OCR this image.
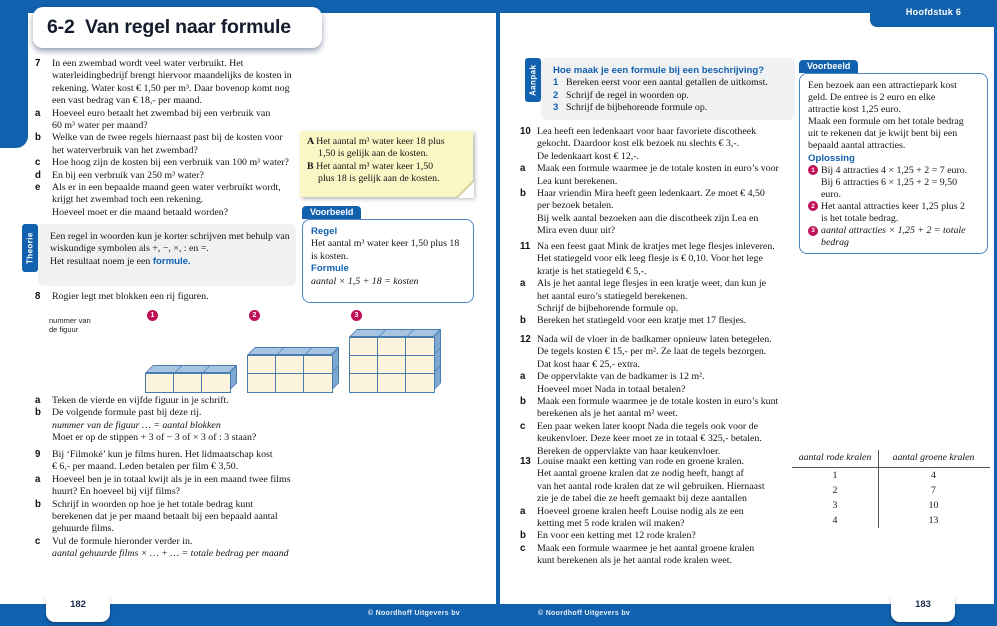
Hoofdstuk 6
6-2  Van regel naar formule
7	In een zwembad wordt veel water verbruikt. Het
waterleidingbedrijf brengt hiervoor maandelijks de kosten in
rekening. Water kost € 1,50 per m³. Daar bovenop komt nog
een vast bedrag van € 18,- per maand.
a	Hoeveel euro betaalt het zwembad bij een verbruik van
60 m³ water per maand?
b	Welke van de twee regels hiernaast past bij de kosten voor
het waterverbruik van het zwembad?
c	Hoe hoog zijn de kosten bij een verbruik van 100 m³ water?
d	En bij een verbruik van 250 m³ water?
e	Als er in een bepaalde maand geen water verbruikt wordt,
krijgt het zwembad toch een rekening.
Hoeveel moet er die maand betaald worden?
A Het aantal m³ water keer 18 plus
1,50 is gelijk aan de kosten.
B Het aantal m³ water keer 1,50
plus 18 is gelijk aan de kosten.
Theorie	Een regel in woorden kun je korter schrijven met behulp van
wiskundige symbolen als +, −, ×, : en =.
Het resultaat noem je een formule.
Voorbeeld
Regel
Het aantal m³ water keer 1,50 plus 18
is kosten.
Formule
aantal × 1,5 + 18 = kosten
8	Rogier legt met blokken een rij figuren.
nummer van
de figuur
1	2	3
a	Teken de vierde en vijfde figuur in je schrift.
b	De volgende formule past bij deze rij.
nummer van de figuur … = aantal blokken
Moet er op de stippen + 3 of − 3 of × 3 of : 3 staan?
9	Bij ‘Filmoké’ kun je films huren. Het lidmaatschap kost
€ 6,- per maand. Leden betalen per film € 3,50.
a	Hoeveel ben je in totaal kwijt als je in een maand twee films
huurt? En hoeveel bij vijf films?
b	Schrijf in woorden op hoe je het totale bedrag kunt
berekenen dat je per maand betaalt bij een bepaald aantal
gehuurde films.
c	Vul de formule hieronder verder in.
aantal gehuurde films × … + … = totale bedrag per maand
Aanpak	Hoe maak je een formule bij een beschrijving?
1 Bereken eerst voor een aantal getallen de uitkomst.
2 Schrijf de regel in woorden op.
3 Schrijf de bijbehorende formule op.
Voorbeeld
Een bezoek aan een attractiepark kost
geld. De entree is 2 euro en elke
attractie kost 1,25 euro.
Maak een formule om het totale bedrag
uit te rekenen dat je kwijt bent bij een
bepaald aantal attracties.
Oplossing
1 Bij 4 attracties 4 × 1,25 + 2 = 7 euro.
Bij 6 attracties 6 × 1,25 + 2 = 9,50
euro.
2 Het aantal attracties keer 1,25 plus 2
is het totale bedrag.
3 aantal attracties × 1,25 + 2 = totale
bedrag
10 Lea heeft een ledenkaart voor haar favoriete discotheek
gekocht. Daardoor kost elk bezoek nu slechts € 3,-.
De ledenkaart kost € 12,-.
a	Maak een formule waarmee je de totale kosten in euro’s voor
Lea kunt berekenen.
b	Haar vriendin Mira heeft geen ledenkaart. Ze moet € 4,50
per bezoek betalen.
Bij welk aantal bezoeken aan die discotheek zijn Lea en
Mira even duur uit?
11 Na een feest gaat Mink de kratjes met lege flesjes inleveren.
Het statiegeld voor elk leeg flesje is € 0,10. Voor het lege
kratje is het statiegeld € 5,-.
a	Als je het aantal lege flesjes in een kratje weet, dan kun je
het aantal euro’s statiegeld berekenen.
Schrijf de bijbehorende formule op.
b	Bereken het statiegeld voor een kratje met 17 flesjes.
12 Nada wil de vloer in de badkamer opnieuw laten betegelen.
De tegels kosten € 15,- per m². Ze laat de tegels bezorgen.
Dat kost haar € 25,- extra.
a	De oppervlakte van de badkamer is 12 m².
Hoeveel moet Nada in totaal betalen?
b	Maak een formule waarmee je de totale kosten in euro’s kunt
berekenen als je het aantal m² weet.
c	Een paar weken later koopt Nada die tegels ook voor de
keukenvloer. Deze keer moet ze in totaal € 325,- betalen.
Bereken de oppervlakte van haar keukenvloer.
13 Louise maakt een ketting van rode en groene kralen.
Het aantal groene kralen dat ze nodig heeft, hangt af
van het aantal rode kralen dat ze wil gebruiken. Hiernaast
zie je de tabel die ze heeft gemaakt bij deze aantallen
a	Hoeveel groene kralen heeft Louise nodig als ze een
ketting met 5 rode kralen wil maken?
b	En voor een ketting met 12 rode kralen?
c	Maak een formule waarmee je het aantal groene kralen
kunt berekenen als je het aantal rode kralen weet.
aantal rode kralen	aantal groene kralen
1	4
2	7
3	10
4	13
182	183
© Noordhoff Uitgevers bv	© Noordhoff Uitgevers bv
